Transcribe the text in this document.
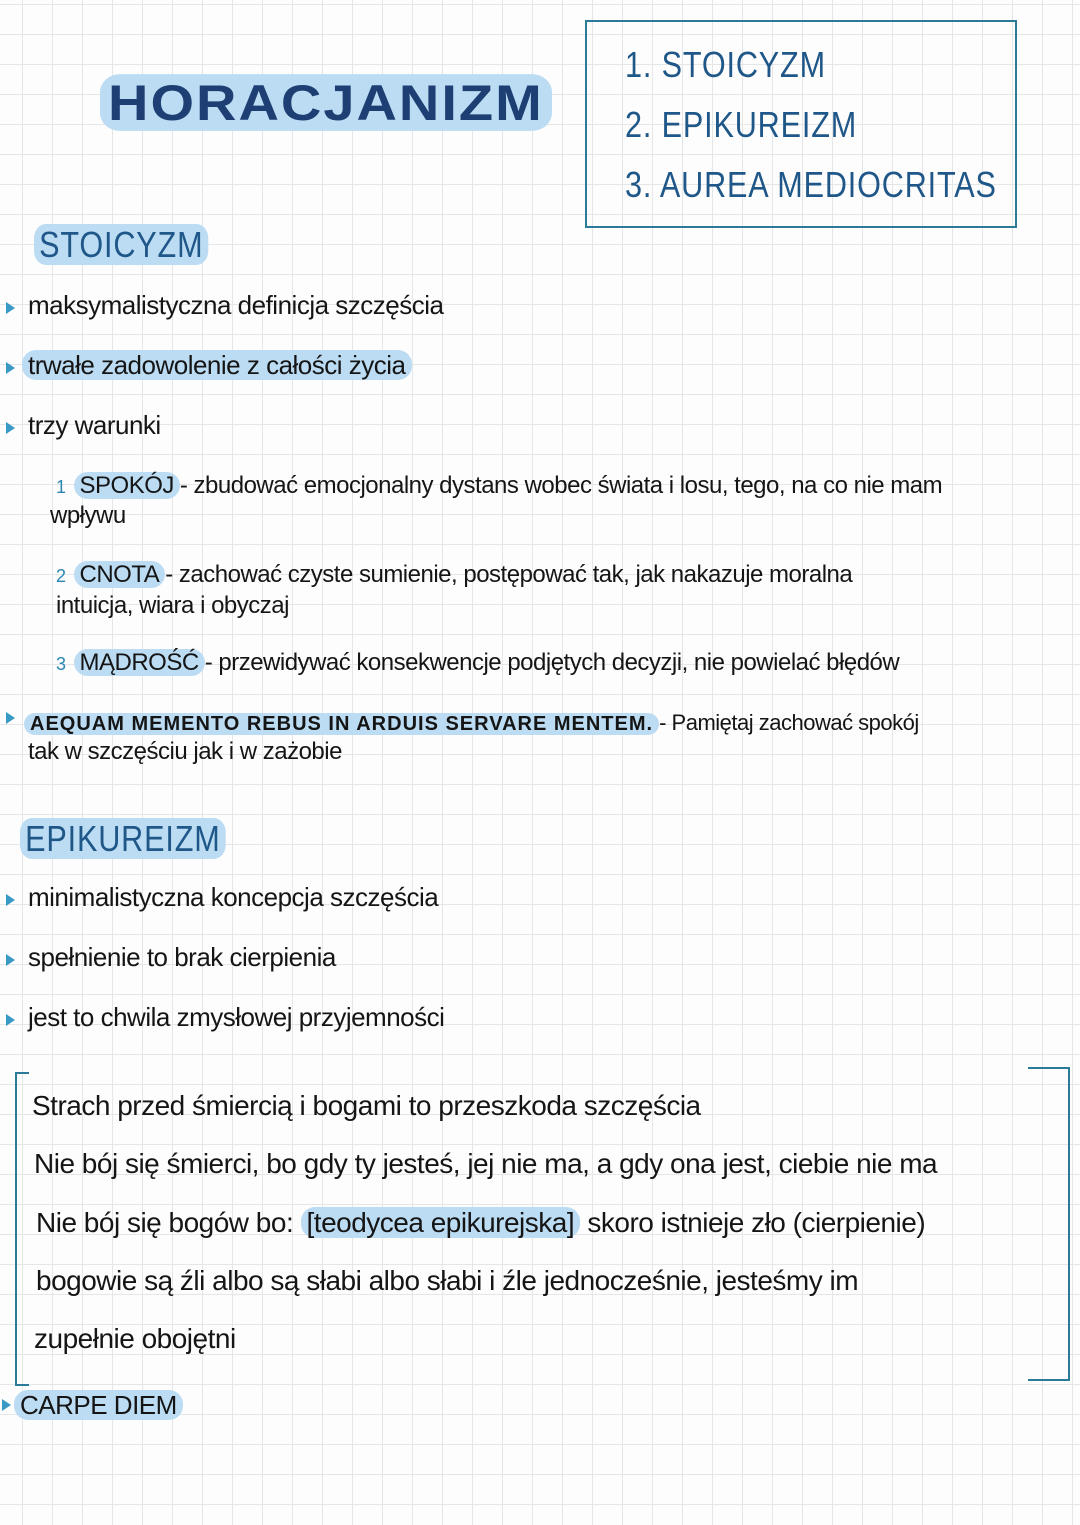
HORACJANIZM
1. STOICYZM
2. EPIKUREIZM
3. AUREA MEDIOCRITAS
STOICYZM
maksymalistyczna definicja szczęścia
trwałe zadowolenie z całości życia
trzy warunki
1 SPOKÓJ - zbudować emocjonalny dystans wobec świata i losu, tego, na co nie mam
wpływu
2 CNOTA - zachować czyste sumienie, postępować tak, jak nakazuje moralna
intuicja, wiara i obyczaj
3 MĄDROŚĆ - przewidywać konsekwencje podjętych decyzji, nie powielać błędów
AEQUAM MEMENTO REBUS IN ARDUIS SERVARE MENTEM. - Pamiętaj zachować spokój
tak w szczęściu jak i w zażobie
EPIKUREIZM
minimalistyczna koncepcja szczęścia
spełnienie to brak cierpienia
jest to chwila zmysłowej przyjemności
Strach przed śmiercią i bogami to przeszkoda szczęścia
Nie bój się śmierci, bo gdy ty jesteś, jej nie ma, a gdy ona jest, ciebie nie ma
Nie bój się bogów bo: [teodycea epikurejska] skoro istnieje zło (cierpienie)
bogowie są źli albo są słabi albo słabi i źle jednocześnie, jesteśmy im
zupełnie obojętni
CARPE DIEM
